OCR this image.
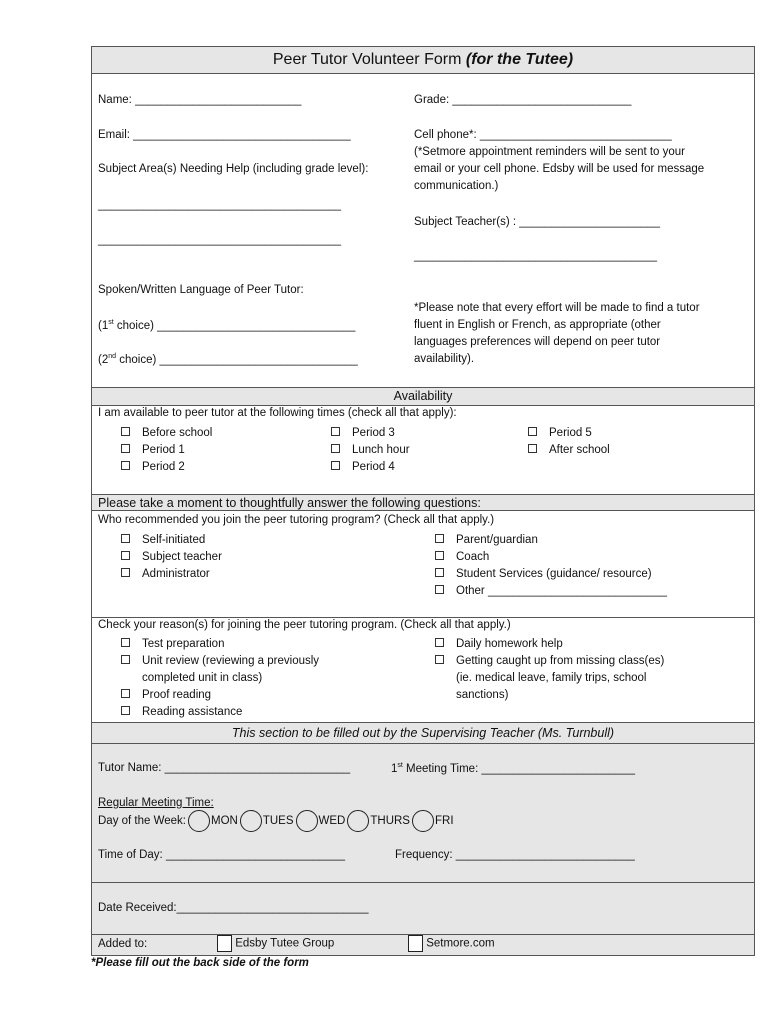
Peer Tutor Volunteer Form (for the Tutee)
Name: __________________________	Grade: ____________________________
Email: __________________________________	Cell phone*: ______________________________
(*Setmore appointment reminders will be sent to your email or your cell phone. Edsby will be used for message communication.)
Subject Area(s) Needing Help (including grade level):
______________________________________
______________________________________
Subject Teacher(s) : ______________________
______________________________________
Spoken/Written Language of Peer Tutor:
(1st choice) _______________________________
(2nd choice) _______________________________
*Please note that every effort will be made to find a tutor fluent in English or French, as appropriate (other languages preferences will depend on peer tutor availability).
Availability
I am available to peer tutor at the following times (check all that apply):
Before school
Period 1
Period 2
Period 3
Lunch hour
Period 4
Period 5
After school
Please take a moment to thoughtfully answer the following questions:
Who recommended you join the peer tutoring program? (Check all that apply.)
Self-initiated
Subject teacher
Administrator
Parent/guardian
Coach
Student Services (guidance/ resource)
Other ____________________________
Check your reason(s) for joining the peer tutoring program. (Check all that apply.)
Test preparation
Unit review (reviewing a previously
completed unit in class)
Proof reading
Reading assistance
Daily homework help
Getting caught up from missing class(es)
(ie. medical leave, family trips, school
sanctions)
This section to be filled out by the Supervising Teacher (Ms. Turnbull)
Tutor Name: _____________________________	1st Meeting Time: ________________________
Regular Meeting Time:
Day of the Week: MON TUES WED THURS FRI
Time of Day: ____________________________	Frequency: ____________________________
Date Received:______________________________
Added to:	Edsby Tutee Group	Setmore.com
*Please fill out the back side of the form
